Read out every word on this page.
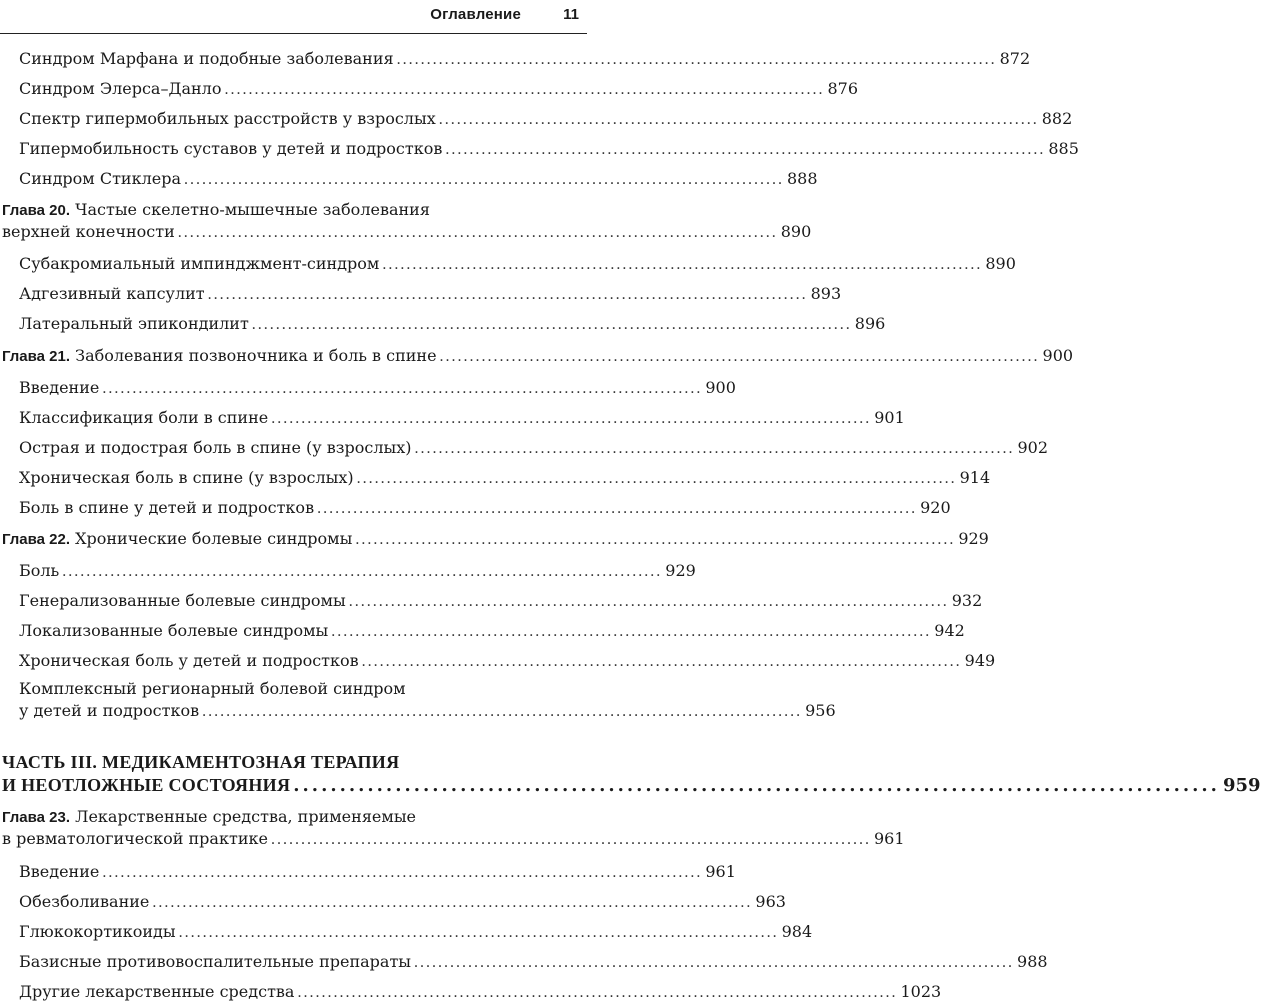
Оглавление	11
Синдром Марфана и подобные заболевания .................................................................................................... 872
Синдром Элерса–Данло .................................................................................................... 876
Спектр гипермобильных расстройств у взрослых .................................................................................................... 882
Гипермобильность суставов у детей и подростков .................................................................................................... 885
Синдром Стиклера .................................................................................................... 888
Глава 20. Частые скелетно-мышечные заболевания
верхней конечности .................................................................................................... 890
Субакромиальный импинджмент-синдром .................................................................................................... 890
Адгезивный капсулит .................................................................................................... 893
Латеральный эпикондилит .................................................................................................... 896
Глава 21. Заболевания позвоночника и боль в спине .................................................................................................... 900
Введение .................................................................................................... 900
Классификация боли в спине .................................................................................................... 901
Острая и подострая боль в спине (у взрослых) .................................................................................................... 902
Хроническая боль в спине (у взрослых) .................................................................................................... 914
Боль в спине у детей и подростков .................................................................................................... 920
Глава 22. Хронические болевые синдромы .................................................................................................... 929
Боль .................................................................................................... 929
Генерализованные болевые синдромы .................................................................................................... 932
Локализованные болевые синдромы .................................................................................................... 942
Хроническая боль у детей и подростков .................................................................................................... 949
Комплексный регионарный болевой синдром
у детей и подростков .................................................................................................... 956
ЧАСТЬ III. МЕДИКАМЕНТОЗНАЯ ТЕРАПИЯ
И НЕОТЛОЖНЫЕ СОСТОЯНИЯ .................................................................................................... 959
Глава 23. Лекарственные средства, применяемые
в ревматологической практике .................................................................................................... 961
Введение .................................................................................................... 961
Обезболивание .................................................................................................... 963
Глюкокортикоиды .................................................................................................... 984
Базисные противовоспалительные препараты .................................................................................................... 988
Другие лекарственные средства .................................................................................................... 1023
